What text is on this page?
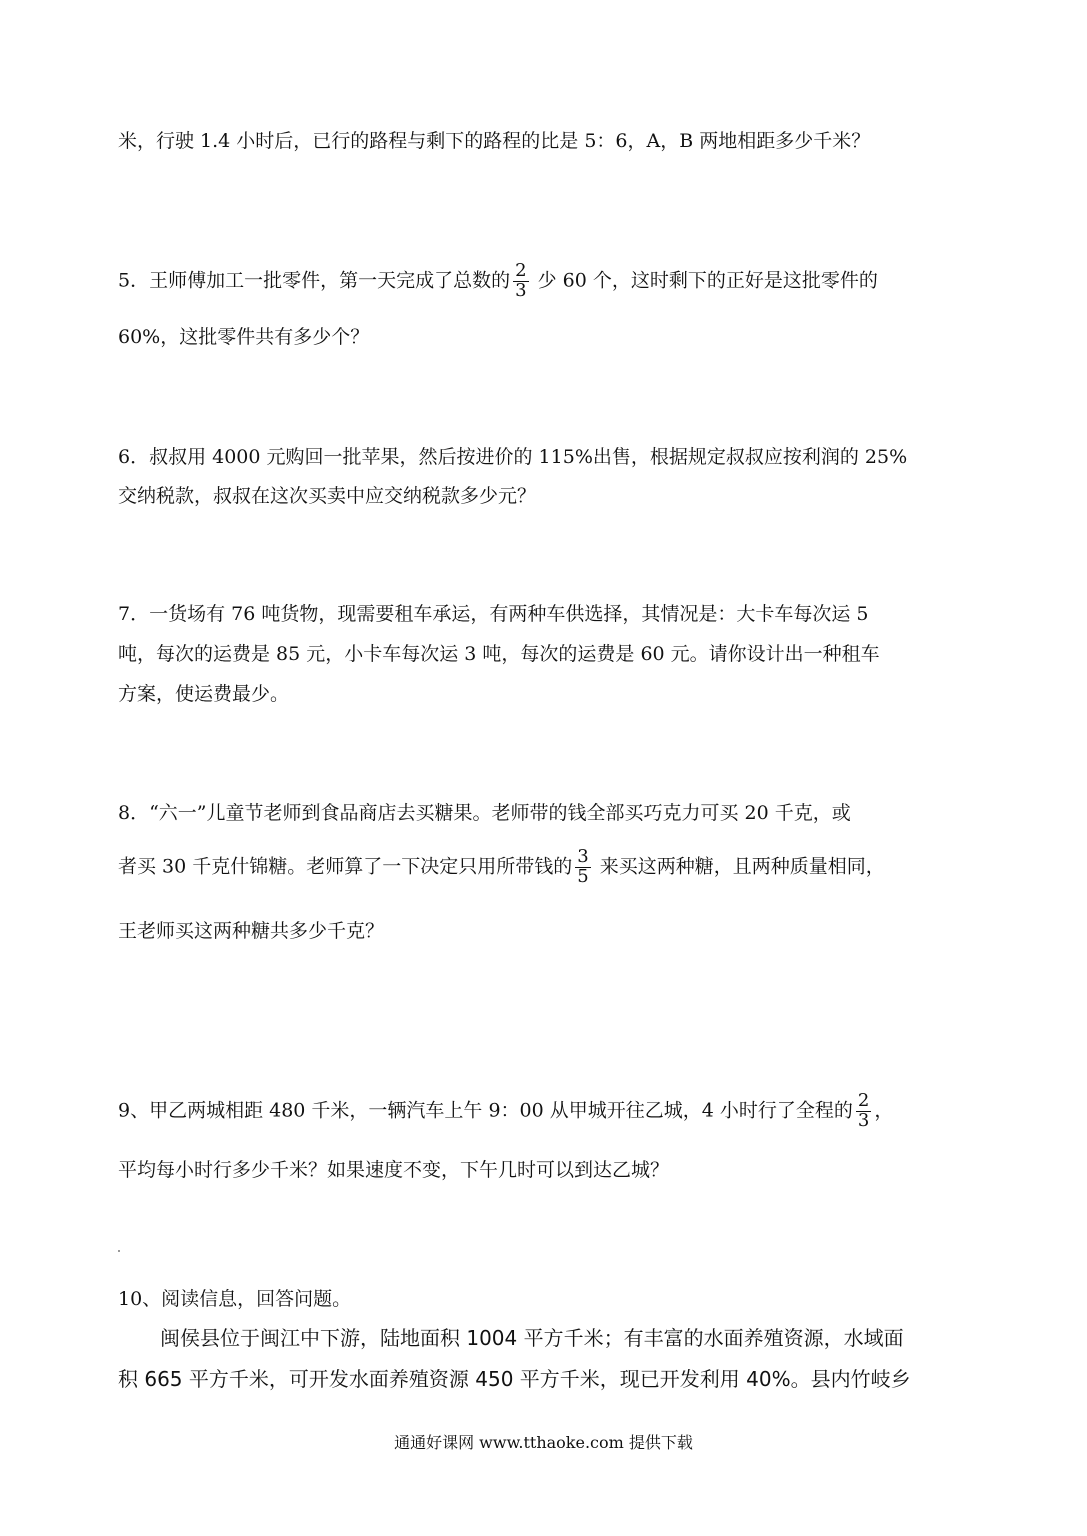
米，行驶 1.4 小时后，已行的路程与剩下的路程的比是 5：6，A，B 两地相距多少千米？
5．王师傅加工一批零件，第一天完成了总数的 $\frac{2}{3}$ 少 60 个，这时剩下的正好是这批零件的
60%，这批零件共有多少个？
6．叔叔用 4000 元购回一批苹果，然后按进价的 115%出售，根据规定叔叔应按利润的 25%
交纳税款，叔叔在这次买卖中应交纳税款多少元？
7．一货场有 76 吨货物，现需要租车承运，有两种车供选择，其情况是：大卡车每次运 5
吨，每次的运费是 85 元，小卡车每次运 3 吨，每次的运费是 60 元。请你设计出一种租车
方案，使运费最少。
8．“六一”儿童节老师到食品商店去买糖果。老师带的钱全部买巧克力可买 20 千克，或
者买 30 千克什锦糖。老师算了一下决定只用所带钱的 $\frac{3}{5}$ 来买这两种糖，且两种质量相同，
王老师买这两种糖共多少千克？
9、甲乙两城相距 480 千米，一辆汽车上午 9：00 从甲城开往乙城，4 小时行了全程的 $\frac{2}{3}$ ，
平均每小时行多少千米？如果速度不变，下午几时可以到达乙城？
10、阅读信息，回答问题。
闽侯县位于闽江中下游，陆地面积 1004 平方千米；有丰富的水面养殖资源，水域面
积 665 平方千米，可开发水面养殖资源 450 平方千米，现已开发利用 40%。县内竹岐乡
通通好课网 www.tthaoke.com 提供下载
